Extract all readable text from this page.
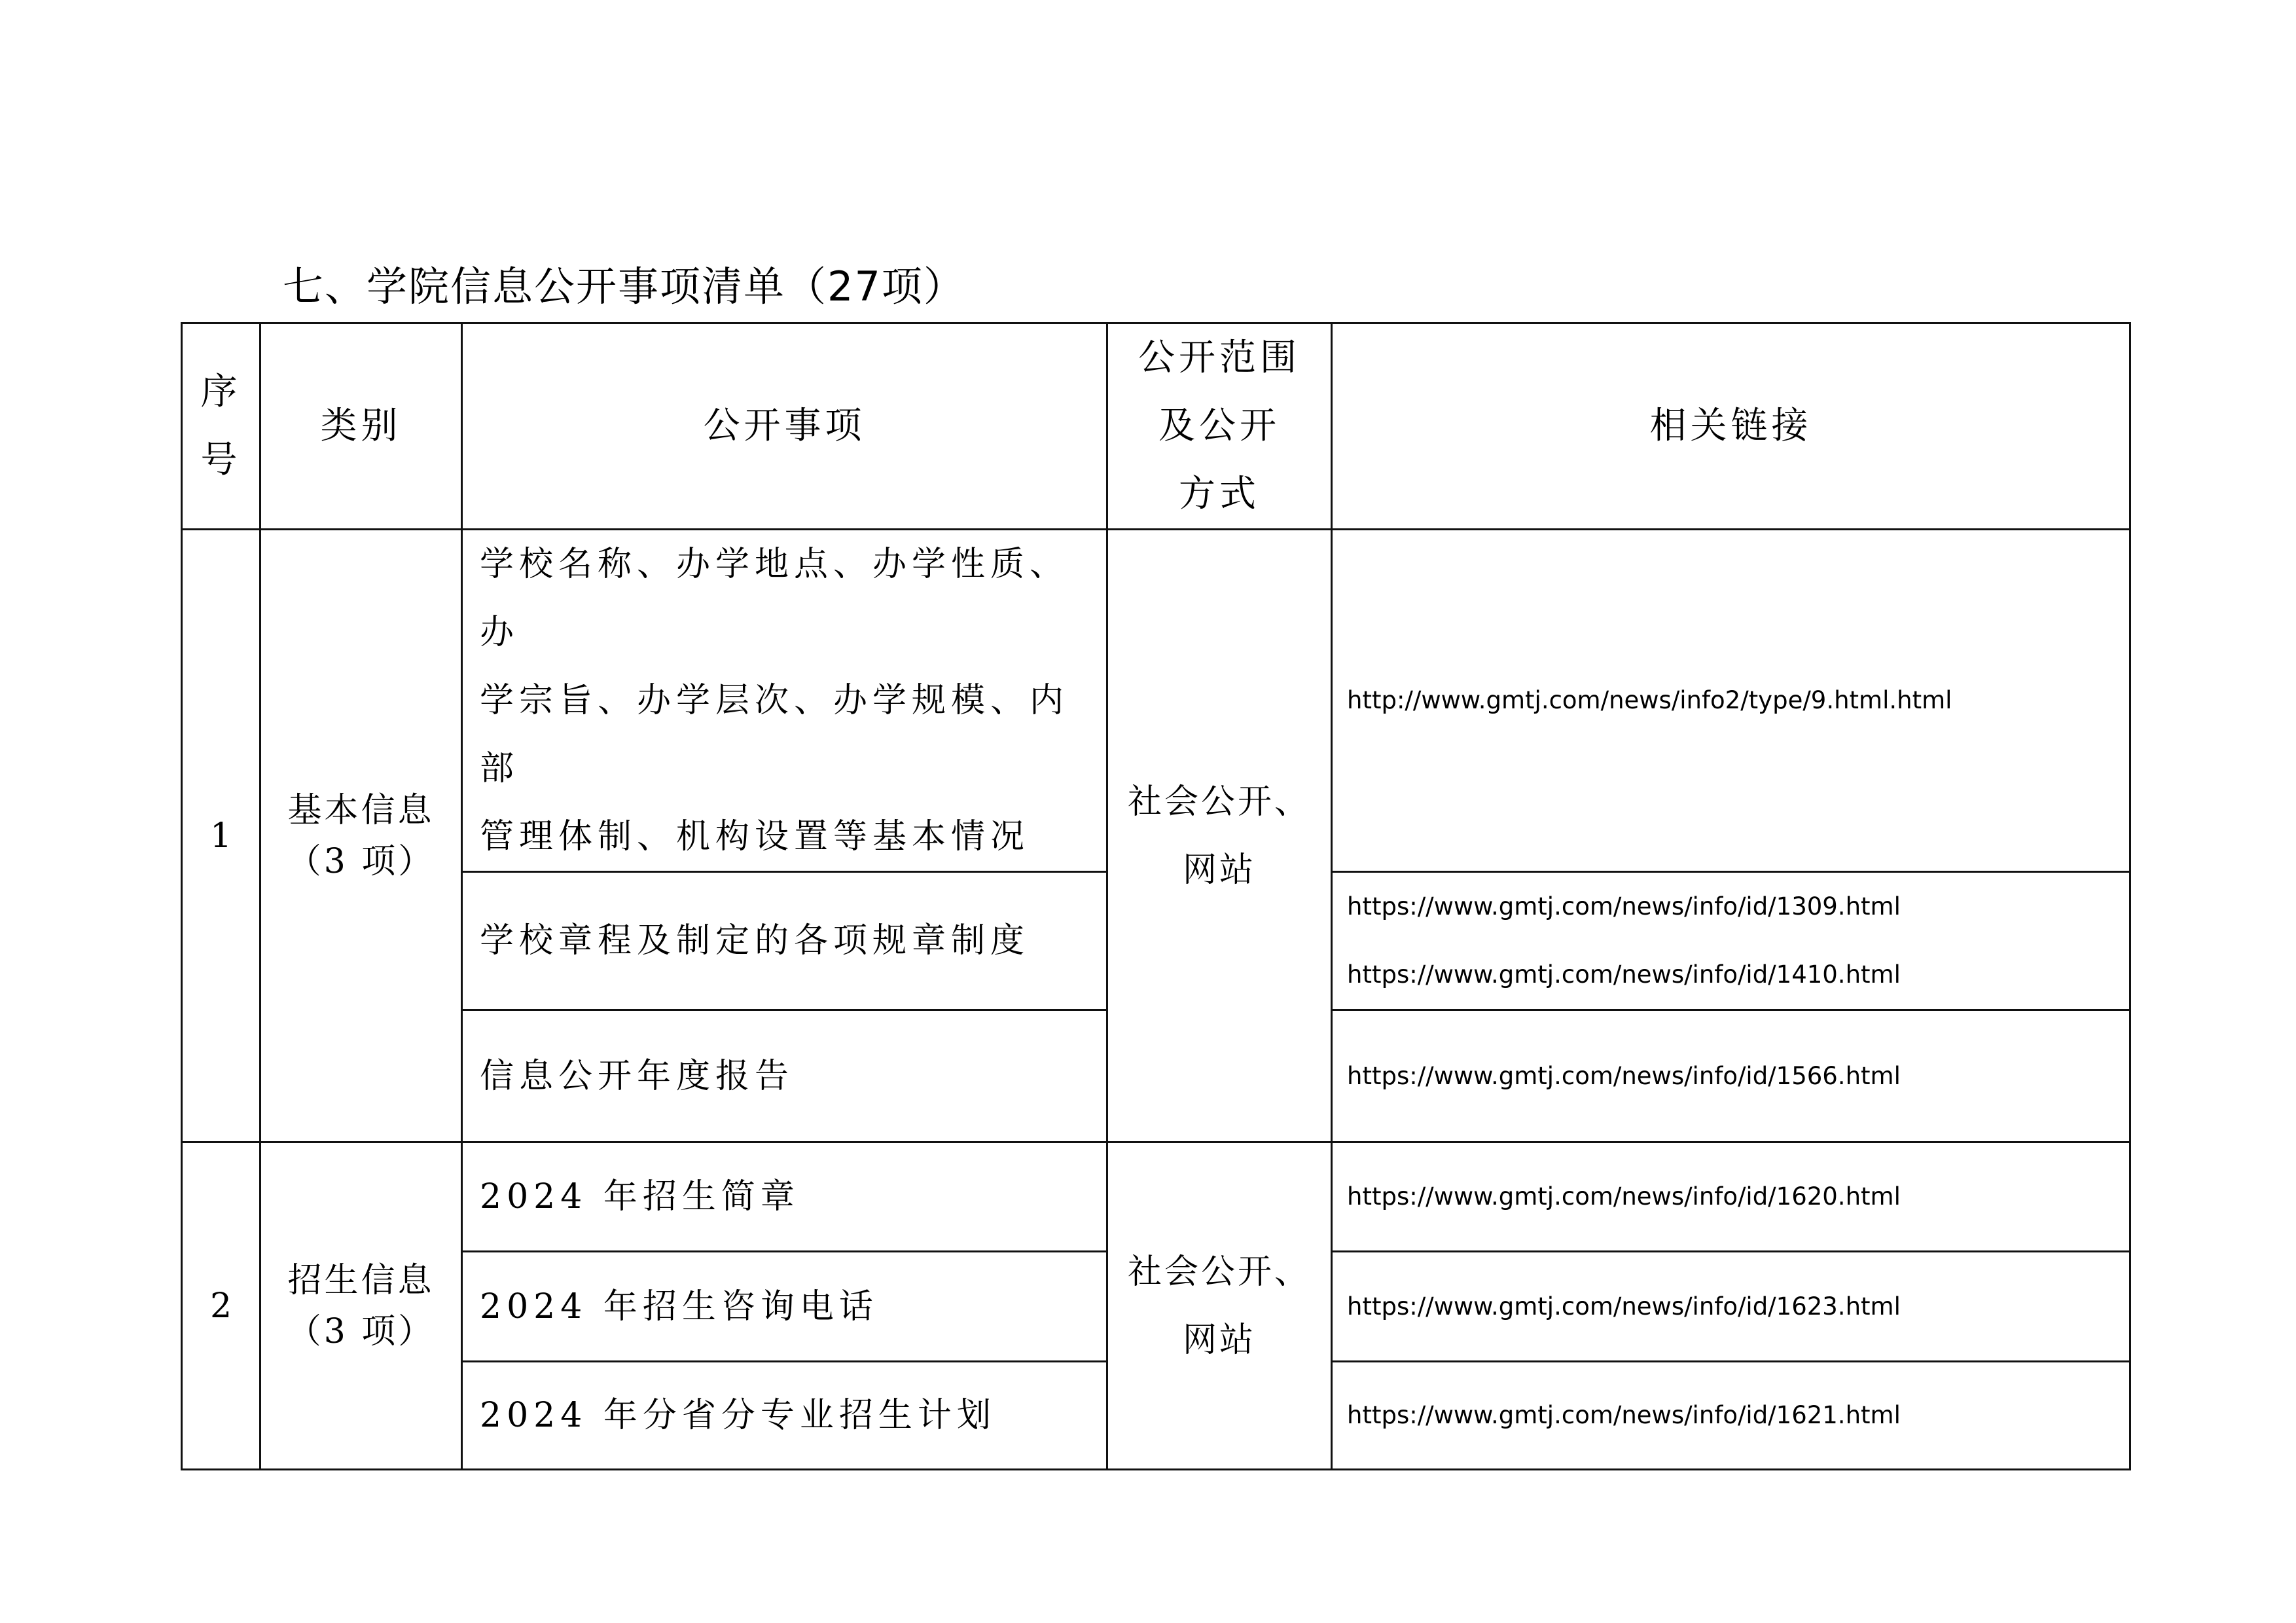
七、学院信息公开事项清单（27项）
序
号	类别	公开事项	公开范围
及公开
方式	相关链接
1	基本信息
（3 项）	学校名称、办学地点、办学性质、办
学宗旨、办学层次、办学规模、内部
管理体制、机构设置等基本情况	社会公开、
网站	http://www.gmtj.com/news/info2/type/9.html.html

		学校章程及制定的各项规章制度		https://www.gmtj.com/news/info/id/1309.html
https://www.gmtj.com/news/info/id/1410.html

		信息公开年度报告		https://www.gmtj.com/news/info/id/1566.html

2	招生信息
（3 项）	2024 年招生简章	社会公开、
网站	https://www.gmtj.com/news/info/id/1620.html

		2024 年招生咨询电话		https://www.gmtj.com/news/info/id/1623.html

		2024 年分省分专业招生计划		https://www.gmtj.com/news/info/id/1621.html
